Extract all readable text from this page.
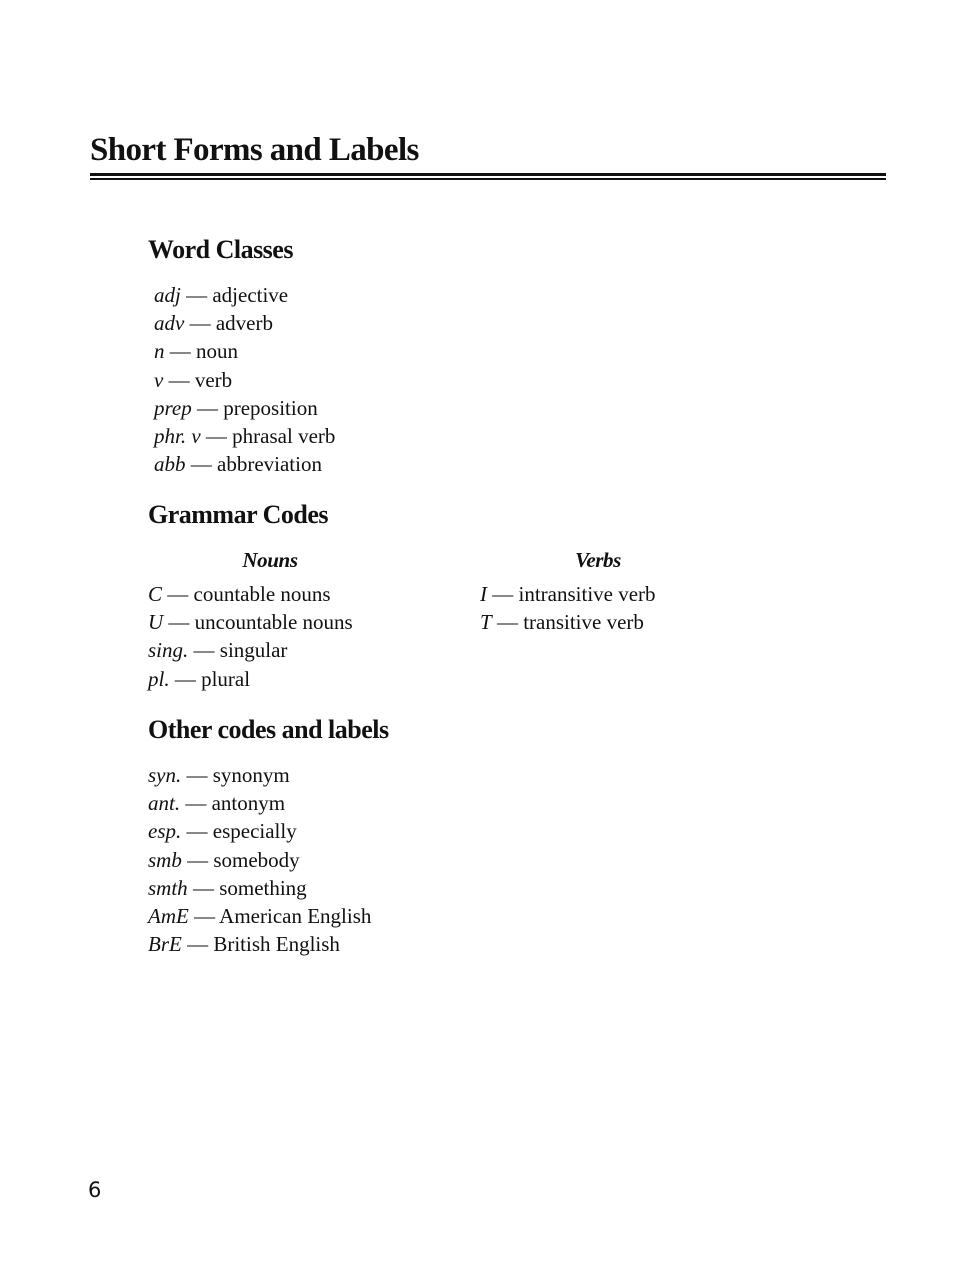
Short Forms and Labels
Word Classes
adj — adjective
adv — adverb
n — noun
v — verb
prep — preposition
phr. v — phrasal verb
abb — abbreviation
Grammar Codes
Nouns	Verbs
C — countable nouns
U — uncountable nouns
sing. — singular
pl. — plural
I — intransitive verb
T — transitive verb
Other codes and labels
syn. — synonym
ant. — antonym
esp. — especially
smb — somebody
smth — something
AmE — American English
BrE — British English
6
